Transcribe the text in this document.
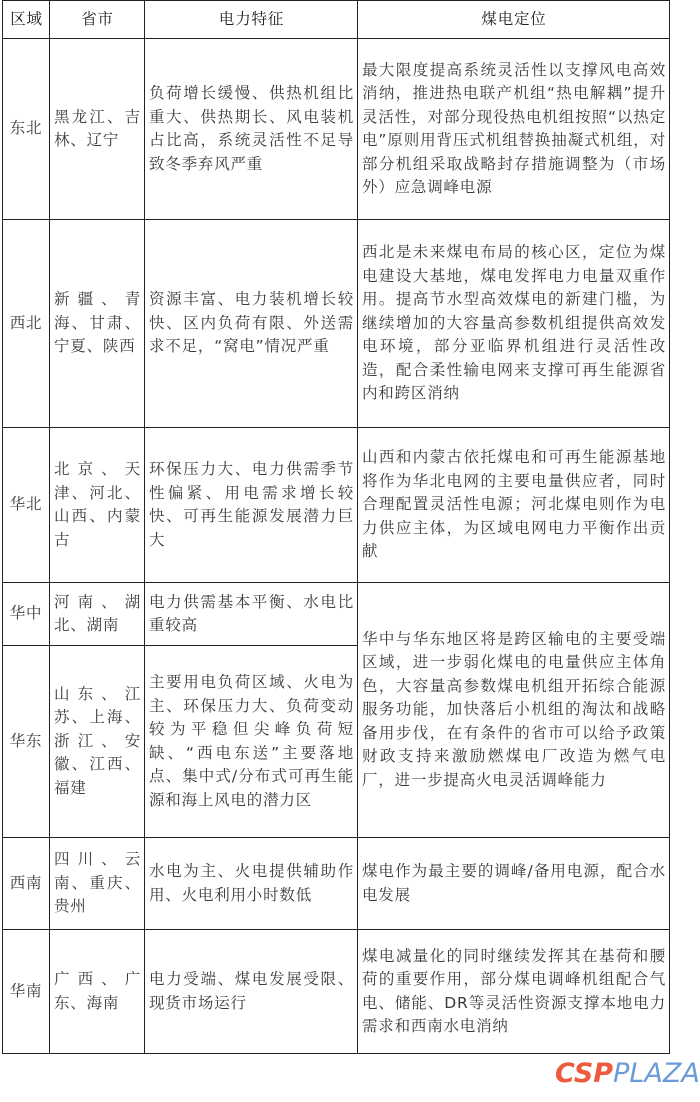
区域	省市	电力特征	煤电定位
东北	黑龙江、吉林、辽宁	负荷增长缓慢、供热机组比重大、供热期长、风电装机占比高，系统灵活性不足导致冬季弃风严重	最大限度提高系统灵活性以支撑风电高效消纳，推进热电联产机组“热电解耦”提升灵活性，对部分现役热电机组按照“以热定电”原则用背压式机组替换抽凝式机组，对部分机组采取战略封存措施调整为（市场外）应急调峰电源
西北	新疆、青海、甘肃、宁夏、陕西	资源丰富、电力装机增长较快、区内负荷有限、外送需求不足，“窝电”情况严重	西北是未来煤电布局的核心区，定位为煤电建设大基地，煤电发挥电力电量双重作用。提高节水型高效煤电的新建门槛，为继续增加的大容量高参数机组提供高效发电环境，部分亚临界机组进行灵活性改造，配合柔性输电网来支撑可再生能源省内和跨区消纳
华北	北京、天津、河北、山西、内蒙古	环保压力大、电力供需季节性偏紧、用电需求增长较快、可再生能源发展潜力巨大	山西和内蒙古依托煤电和可再生能源基地将作为华北电网的主要电量供应者，同时合理配置灵活性电源；河北煤电则作为电力供应主体，为区域电网电力平衡作出贡献
华中	河南、湖北、湖南	电力供需基本平衡、水电比重较高	华中与华东地区将是跨区输电的主要受端区域，进一步弱化煤电的电量供应主体角色，大容量高参数煤电机组开拓综合能源服务功能，加快落后小机组的淘汰和战略备用步伐，在有条件的省市可以给予政策财政支持来激励燃煤电厂改造为燃气电厂，进一步提高火电灵活调峰能力
华东	山东、江苏、上海、浙江、安徽、江西、福建	主要用电负荷区域、火电为主、环保压力大、负荷变动较为平稳但尖峰负荷短缺、“西电东送”主要落地点、集中式/分布式可再生能源和海上风电的潜力区	
西南	四川、云南、重庆、贵州	水电为主、火电提供辅助作用、火电利用小时数低	煤电作为最主要的调峰/备用电源，配合水电发展
华南	广西、广东、海南	电力受端、煤电发展受限、现货市场运行	煤电减量化的同时继续发挥其在基荷和腰荷的重要作用，部分煤电调峰机组配合气电、储能、DR等灵活性资源支撑本地电力需求和西南水电消纳
CSPPLAZA
